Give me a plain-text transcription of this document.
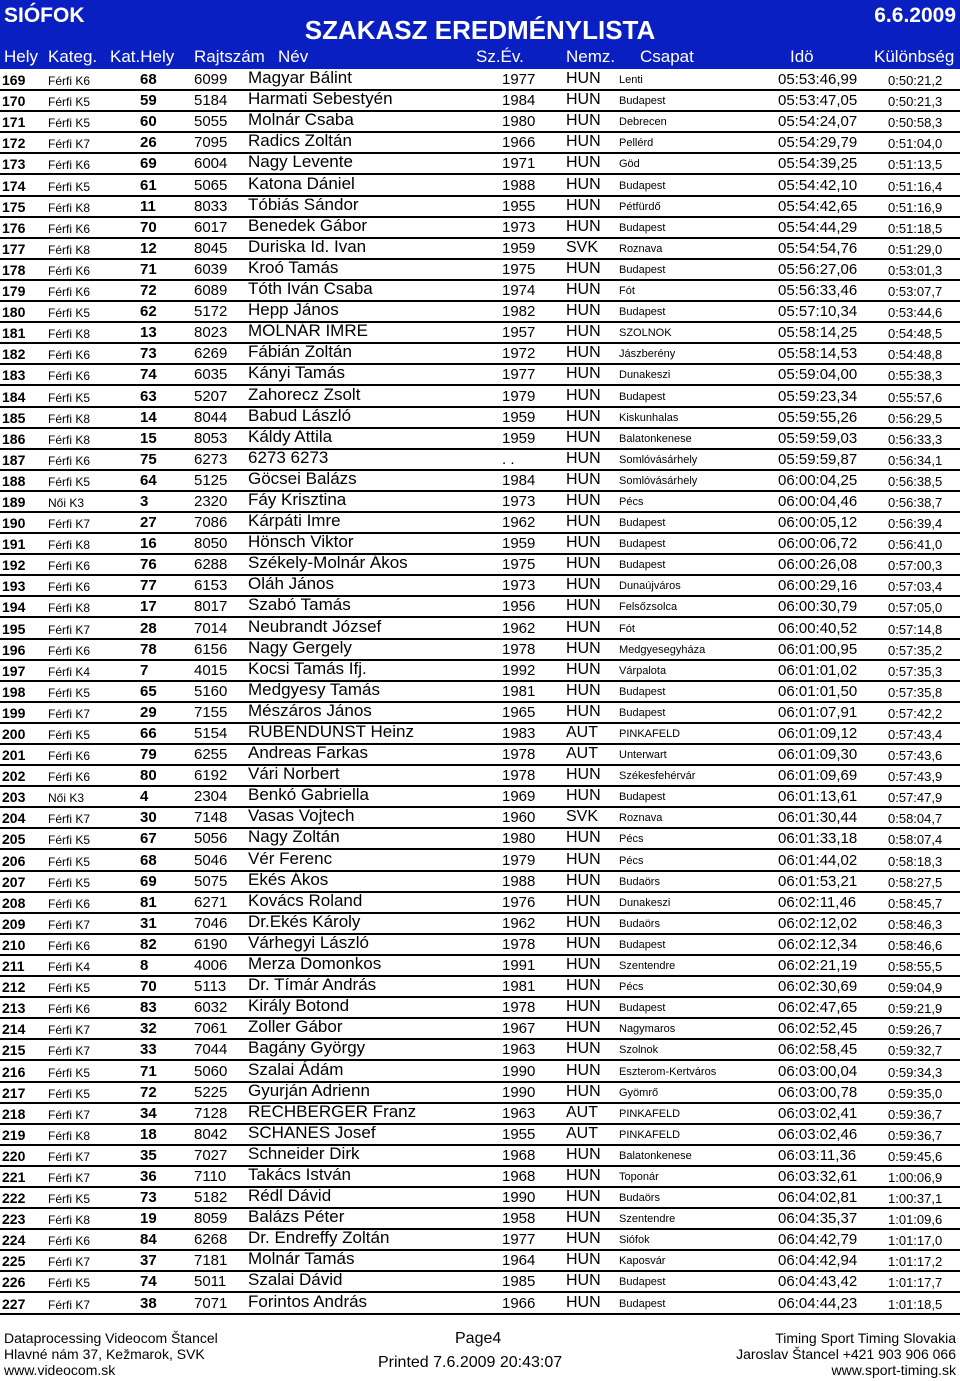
SIÓFOK	SZAKASZ EREDMÉNYLISTA	6.6.2009
Hely Kateg. Kat.Hely Rajtszám Név	Sz.Év. Nemz. Csapat	Idö	Különbség
169 Férfi K6	68 6099 Magyar Bálint	1977 HUN Lenti	05:53:46,99 0:50:21,2
170 Férfi K5	59 5184 Harmati Sebestyén	1984 HUN Budapest	05:53:47,05 0:50:21,3
171 Férfi K5	60 5055 Molnár Csaba	1980 HUN Debrecen	05:54:24,07 0:50:58,3
172 Férfi K7	26 7095 Radics Zoltán	1966 HUN Pellérd	05:54:29,79 0:51:04,0
173 Férfi K6	69 6004 Nagy Levente	1971 HUN Göd	05:54:39,25 0:51:13,5
174 Férfi K5	61 5065 Katona Dániel	1988 HUN Budapest	05:54:42,10 0:51:16,4
175 Férfi K8	11	8033 Tóbiás Sándor	1955 HUN Pétfürdő	05:54:42,65 0:51:16,9
176 Férfi K6	70 6017 Benedek Gábor	1973 HUN Budapest	05:54:44,29 0:51:18,5
177 Férfi K8	12 8045 Duriska Id. Ivan	1959 SVK Roznava	05:54:54,76 0:51:29,0
178 Férfi K6	71 6039 Kroó Tamás	1975 HUN Budapest	05:56:27,06 0:53:01,3
179 Férfi K6	72 6089 Tóth Iván Csaba	1974 HUN Fót	05:56:33,46 0:53:07,7
180 Férfi K5	62 5172 Hepp János	1982 HUN Budapest	05:57:10,34 0:53:44,6
181 Férfi K8	13 8023 MOLNÁR IMRE	1957 HUN SZOLNOK	05:58:14,25 0:54:48,5
182 Férfi K6	73 6269 Fábián Zoltán	1972 HUN Jászberény	05:58:14,53 0:54:48,8
183 Férfi K6	74 6035 Kányi Tamás	1977 HUN Dunakeszi	05:59:04,00 0:55:38,3
184 Férfi K5	63 5207 Zahorecz Zsolt	1979 HUN Budapest	05:59:23,34 0:55:57,6
185 Férfi K8	14 8044 Babud László	1959 HUN Kiskunhalas	05:59:55,26 0:56:29,5
186 Férfi K8	15 8053 Káldy Attila	1959 HUN Balatonkenese	05:59:59,03 0:56:33,3
187 Férfi K6	75 6273 6273 6273	. .	HUN Somlóvásárhely	05:59:59,87 0:56:34,1
188 Férfi K5	64 5125 Göcsei Balázs	1984 HUN Somlóvásárhely	06:00:04,25 0:56:38,5
189 Női K3	3	2320 Fáy Krisztina	1973 HUN Pécs	06:00:04,46 0:56:38,7
190 Férfi K7	27 7086 Kárpáti Imre	1962 HUN Budapest	06:00:05,12 0:56:39,4
191 Férfi K8	16 8050 Hönsch Viktor	1959 HUN Budapest	06:00:06,72 0:56:41,0
192 Férfi K6	76 6288 Székely-Molnár Ákos	1975 HUN Budapest	06:00:26,08 0:57:00,3
193 Férfi K6	77 6153 Oláh János	1973 HUN Dunaújváros	06:00:29,16 0:57:03,4
194 Férfi K8	17 8017 Szabó Tamás	1956 HUN Felsőzsolca	06:00:30,79 0:57:05,0
195 Férfi K7	28 7014 Neubrandt József	1962 HUN Fót	06:00:40,52 0:57:14,8
196 Férfi K6	78 6156 Nagy Gergely	1978 HUN Medgyesegyháza	06:01:00,95 0:57:35,2
197 Férfi K4	7	4015 Kocsi Tamás Ifj.	1992 HUN Várpalota	06:01:01,02 0:57:35,3
198 Férfi K5	65 5160 Medgyesy Tamás	1981 HUN Budapest	06:01:01,50 0:57:35,8
199 Férfi K7	29 7155 Mészáros János	1965 HUN Budapest	06:01:07,91 0:57:42,2
200 Férfi K5	66 5154 RUBENDUNST Heinz	1983 AUT PINKAFELD	06:01:09,12 0:57:43,4
201 Férfi K6	79 6255 Andreas Farkas	1978 AUT Unterwart	06:01:09,30 0:57:43,6
202 Férfi K6	80 6192 Vári Norbert	1978 HUN Székesfehérvár	06:01:09,69 0:57:43,9
203 Női K3	4	2304 Benkó Gabriella	1969 HUN Budapest	06:01:13,61 0:57:47,9
204 Férfi K7	30 7148 Vasas Vojtech	1960 SVK Roznava	06:01:30,44 0:58:04,7
205 Férfi K5	67 5056 Nagy Zoltán	1980 HUN Pécs	06:01:33,18 0:58:07,4
206 Férfi K5	68 5046 Vér Ferenc	1979 HUN Pécs	06:01:44,02 0:58:18,3
207 Férfi K5	69 5075 Ekés Ákos	1988 HUN Budaörs	06:01:53,21 0:58:27,5
208 Férfi K6	81 6271 Kovács Roland	1976 HUN Dunakeszi	06:02:11,46 0:58:45,7
209 Férfi K7	31 7046 Dr.Ekés Károly	1962 HUN Budaörs	06:02:12,02 0:58:46,3
210 Férfi K6	82 6190 Várhegyi László	1978 HUN Budapest	06:02:12,34 0:58:46,6
211 Férfi K4	8	4006 Merza Domonkos	1991 HUN Szentendre	06:02:21,19 0:58:55,5
212 Férfi K5	70 5113 Dr. Tímár András	1981 HUN Pécs	06:02:30,69 0:59:04,9
213 Férfi K6	83 6032 Király Botond	1978 HUN Budapest	06:02:47,65 0:59:21,9
214 Férfi K7	32 7061 Zoller Gábor	1967 HUN Nagymaros	06:02:52,45 0:59:26,7
215 Férfi K7	33 7044 Bagány György	1963 HUN Szolnok	06:02:58,45 0:59:32,7
216 Férfi K5	71 5060 Szalai Ádám	1990 HUN Eszterom-Kertváros	06:03:00,04 0:59:34,3
217 Férfi K5	72 5225 Gyurján Adrienn	1990 HUN Gyömrő	06:03:00,78 0:59:35,0
218 Férfi K7	34 7128 RECHBERGER Franz	1963 AUT PINKAFELD	06:03:02,41 0:59:36,7
219 Férfi K8	18 8042 SCHANES Josef	1955 AUT PINKAFELD	06:03:02,46 0:59:36,7
220 Férfi K7	35 7027 Schneider Dirk	1968 HUN Balatonkenese	06:03:11,36 0:59:45,6
221 Férfi K7	36 7110 Takács István	1968 HUN Toponár	06:03:32,61 1:00:06,9
222 Férfi K5	73 5182 Rédl Dávid	1990 HUN Budaörs	06:04:02,81 1:00:37,1
223 Férfi K8	19 8059 Balázs Péter	1958 HUN Szentendre	06:04:35,37 1:01:09,6
224 Férfi K6	84 6268 Dr. Endreffy Zoltán	1977 HUN Siófok	06:04:42,79 1:01:17,0
225 Férfi K7	37 7181 Molnár Tamás	1964 HUN Kaposvár	06:04:42,94 1:01:17,2
226 Férfi K5	74 5011 Szalai Dávid	1985 HUN Budapest	06:04:43,42 1:01:17,7
227 Férfi K7	38 7071 Forintos András	1966 HUN Budapest	06:04:44,23 1:01:18,5
Dataprocessing Videocom Štancel
Hlavné nám 37, Kežmarok, SVK
www.videocom.sk
Page4
Printed 7.6.2009 20:43:07
Timing Sport Timing Slovakia
Jaroslav Štancel +421 903 906 066
www.sport-timing.sk
